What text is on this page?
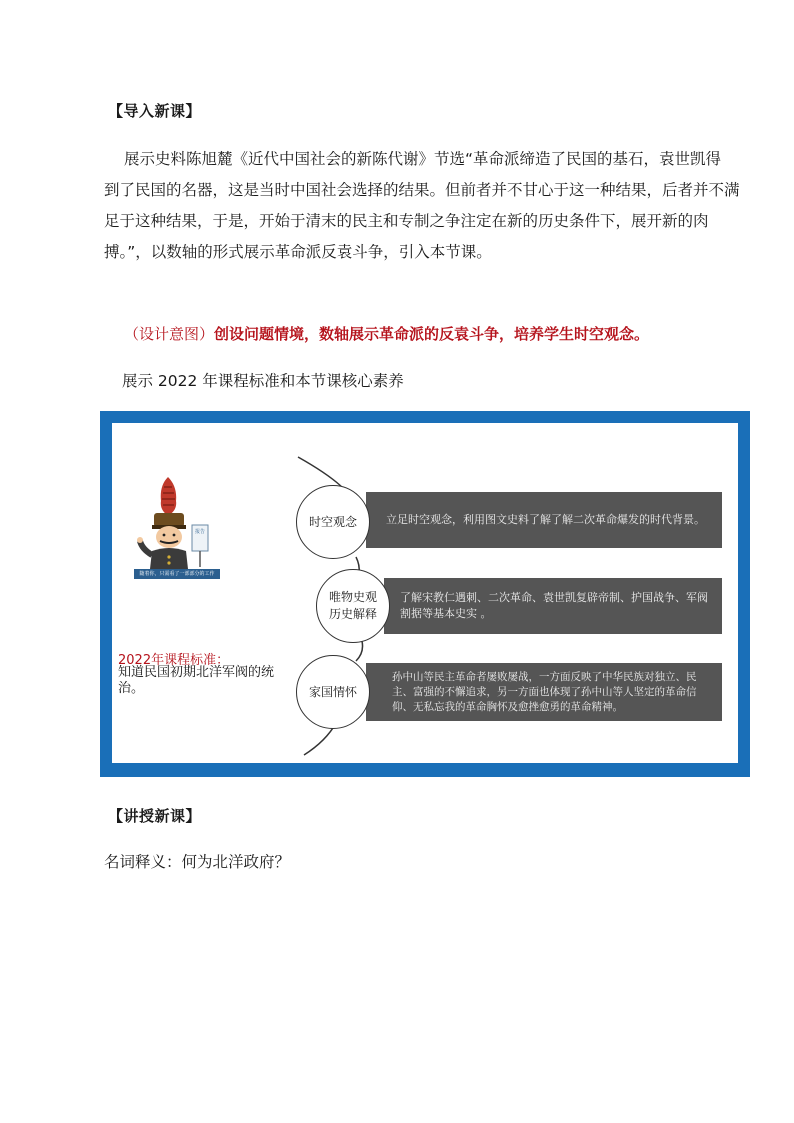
【导入新课】
展示史料陈旭麓《近代中国社会的新陈代谢》节选“革命派缔造了民国的基石，袁世凯得
到了民国的名器，这是当时中国社会选择的结果。但前者并不甘心于这一种结果，后者并不满
足于这种结果，于是，开始于清末的民主和专制之争注定在新的历史条件下，展开新的肉
搏。”，以数轴的形式展示革命派反袁斗争，引入本节课。
（设计意图）创设问题情境，数轴展示革命派的反袁斗争，培养学生时空观念。
展示 2022 年课程标准和本节课核心素养
立足时空观念，利用图文史料了解了解二次革命爆发的时代背景。
了解宋教仁遇刺、二次革命、袁世凯复辟帝制、护国战争、军阀割据等基本史实 。
孙中山等民主革命者屡败屡战，一方面反映了中华民族对独立、民主、富强的不懈追求，另一方面也体现了孙中山等人坚定的革命信仰、无私忘我的革命胸怀及愈挫愈勇的革命精神。
时空观念
唯物史观
历史解释
家国情怀
报告
随着你，只需看了一部部分的工作
2022年课程标准：
知道民国初期北洋军阀的统治。
【讲授新课】
名词释义：何为北洋政府？
